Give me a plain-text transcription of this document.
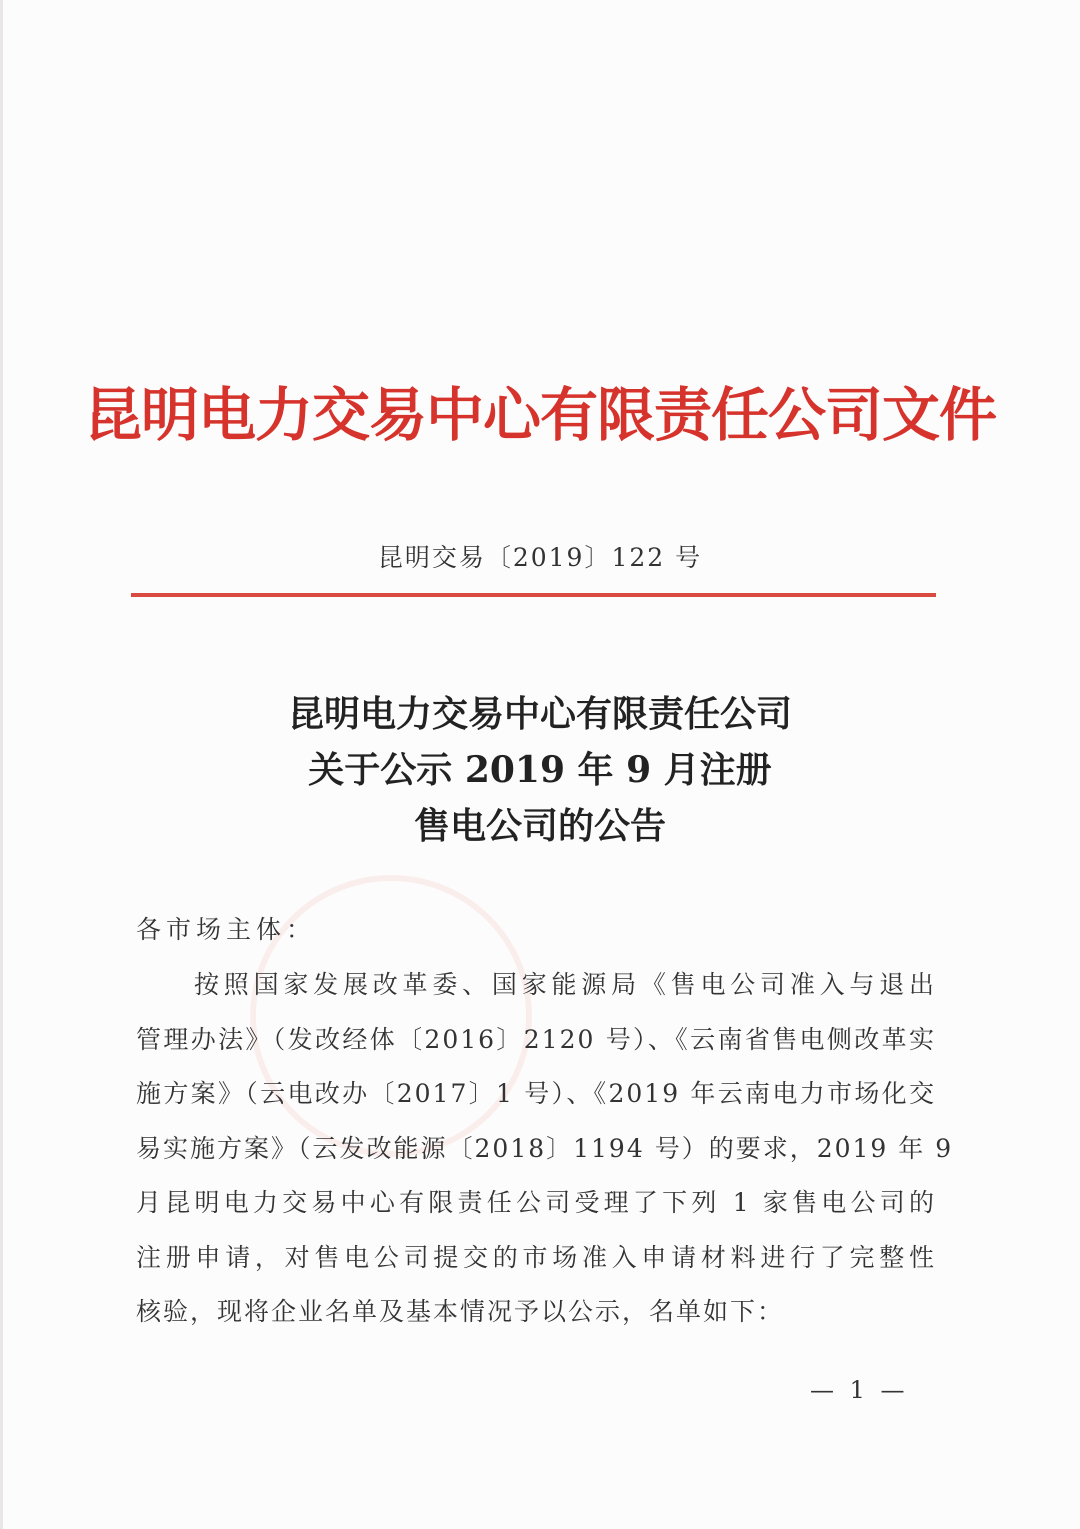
昆明电力交易中心有限责任公司文件
昆明交易〔2019〕122 号
昆明电力交易中心有限责任公司
关于公示 2019 年 9 月注册
售电公司的公告
各市场主体：
按照国家发展改革委、国家能源局《售电公司准入与退出
管理办法》（发改经体〔2016〕2120 号）、《云南省售电侧改革实
施方案》（云电改办〔2017〕1 号）、《2019 年云南电力市场化交
易实施方案》（云发改能源〔2018〕1194 号）的要求，2019 年 9
月昆明电力交易中心有限责任公司受理了下列 1 家售电公司的
注册申请，对售电公司提交的市场准入申请材料进行了完整性
核验，现将企业名单及基本情况予以公示，名单如下：
— 1 —
